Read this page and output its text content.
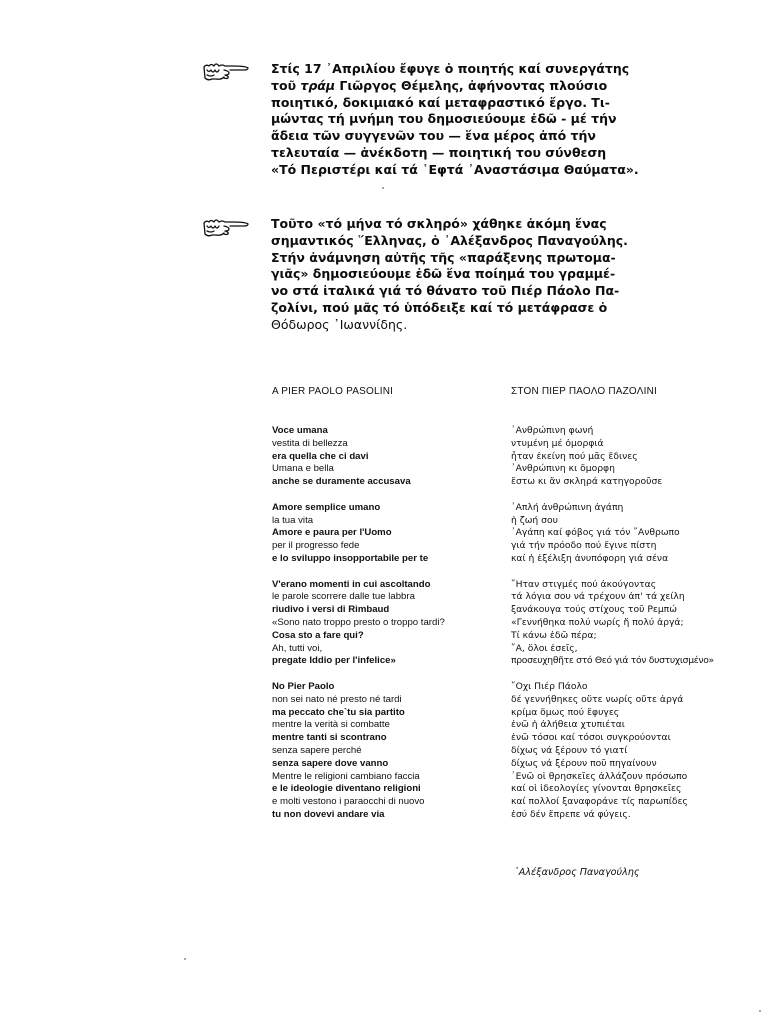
Στίς 17 ᾿Απριλίου ἔφυγε ὁ ποιητής καί συνεργάτης
τοῦ τράμ Γιῶργος Θέμελης, ἀφήνοντας πλούσιο
ποιητικό, δοκιμιακό καί μεταφραστικό ἔργο. Τι-
μώντας τή μνήμη του δημοσιεύουμε ἐδῶ - μέ τήν
ἄδεια τῶν συγγενῶν του — ἕνα μέρος ἀπό τήν
τελευταία — ἀνέκδοτη — ποιητική του σύνθεση
«Τό Περιστέρι καί τά ῾Εφτά ᾿Αναστάσιμα Θαύματα».

Τοῦτο «τό μήνα τό σκληρό» χάθηκε ἀκόμη ἕνας
σημαντικός ῞Ελληνας, ὁ ᾿Αλέξανδρος Παναγούλης.
Στήν ἀνάμνηση αὐτῆς τῆς «παράξενης πρωτομα-
γιᾶς» δημοσιεύουμε ἐδῶ ἕνα ποίημά του γραμμέ-
νο στά ἰταλικά γιά τό θάνατο τοῦ Πιέρ Πάολο Πα-
ζολίνι, πού μᾶς τό ὑπόδειξε καί τό μετάφρασε ὁ
Θόδωρος ᾿Ιωαννίδης.

A PIER PAOLO PASOLINI	ΣΤΟΝ ΠΙΕΡ ΠΑΟΛΟ ΠΑΖΟΛΙΝΙ
Voce umana
vestita di bellezza
era quella che ci davi
Umana e bella
anche se duramente accusava
Amore semplice umano
la tua vita
Amore e paura per l'Uomo
per il progresso fede
e lo sviluppo insopportabile per te
V'erano momenti in cui ascoltando
le parole scorrere dalle tue labbra
riudivo i versi di Rimbaud
«Sono nato troppo presto o troppo tardi?
Cosa sto a fare qui?
Ah, tutti voi,
pregate Iddio per l'infelice»
No Pier Paolo
non sei nato né presto né tardi
ma peccato che`tu sia partito
mentre la verità si combatte
mentre tanti si scontrano
senza sapere perché
senza sapere dove vanno
Mentre le religioni cambiano faccia
e le ideologie diventano religioni
e molti vestono i paraocchi di nuovo
tu non dovevi andare via
᾿Ανθρώπινη φωνή
ντυμένη μέ ὀμορφιά
ἦταν ἐκείνη πού μᾶς ἔδινες
᾿Ανθρώπινη κι ὄμορφη
ἔστω κι ἄν σκληρά κατηγοροῦσε
᾿Απλή ἀνθρώπινη ἀγάπη
ἡ ζωή σου
᾿Αγάπη καί φόβος γιά τόν ῎Ανθρωπο
γιά τήν πρόοδο πού ἔγινε πίστη
καί ἡ ἐξέλιξη ἀνυπόφορη γιά σένα
῎Ηταν στιγμές πού ἀκούγοντας
τά λόγια σου νά τρέχουν ἀπ' τά χείλη
ξανάκουγα τούς στίχους τοῦ Ρεμπώ
«Γεννήθηκα πολύ νωρίς ἤ πολύ ἀργά;
Τί κάνω ἐδῶ πέρα;
῎Α, ὅλοι ἐσεῖς,
προσευχηθῆτε στό Θεό γιά τόν δυστυχισμένο»
῎Οχι Πιέρ Πάολο
δέ γεννήθηκες οὔτε νωρίς οὔτε ἀργά
κρίμα ὅμως πού ἔφυγες
ἐνῶ ἡ ἀλήθεια χτυπιέται
ἐνῶ τόσοι καί τόσοι συγκρούονται
δίχως νά ξέρουν τό γιατί
δίχως νά ξέρουν ποῦ πηγαίνουν
᾿Ενῶ οἱ θρησκεῖες ἀλλάζουν πρόσωπο
καί οἱ ἰδεολογίες γίνονται θρησκεῖες
καί πολλοί ξαναφοράνε τίς παρωπίδες
ἐσύ δέν ἔπρεπε νά φύγεις.
᾿Αλέξανδρος Παναγούλης
